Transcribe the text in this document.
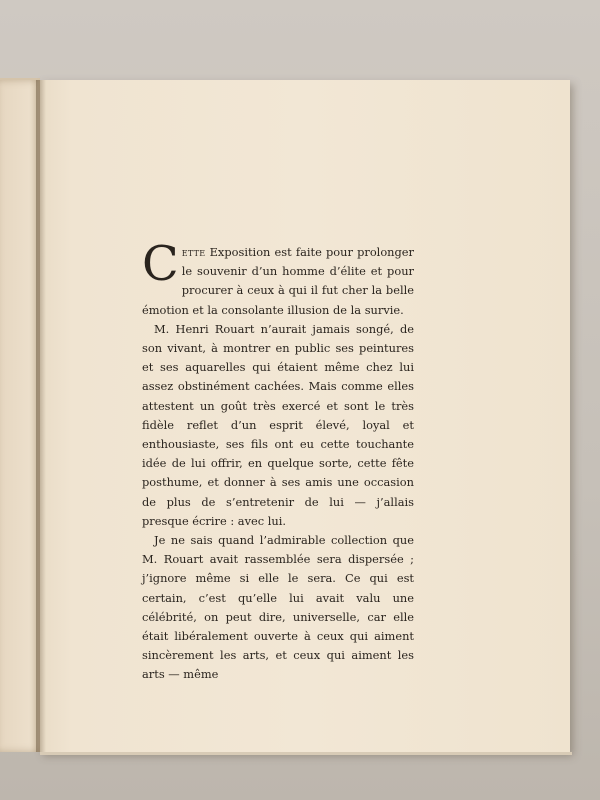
Cette Exposition est faite pour prolonger le souvenir d’un homme d’élite et pour procurer à ceux à qui il fut cher la belle émotion et la consolante illusion de la survie.

M. Henri Rouart n’aurait jamais songé, de son vivant, à montrer en public ses peintures et ses aquarelles qui étaient même chez lui assez obstinément cachées. Mais comme elles attestent un goût très exercé et sont le très fidèle reflet d’un esprit élevé, loyal et enthousiaste, ses fils ont eu cette touchante idée de lui offrir, en quelque sorte, cette fête posthume, et donner à ses amis une occasion de plus de s’entretenir de lui — j’allais presque écrire : avec lui.

Je ne sais quand l’admirable collection que M. Rouart avait rassemblée sera dispersée ; j’ignore même si elle le sera. Ce qui est certain, c’est qu’elle lui avait valu une célébrité, on peut dire, universelle, car elle était libéralement ouverte à ceux qui aiment sincèrement les arts, et ceux qui aiment les arts — même
